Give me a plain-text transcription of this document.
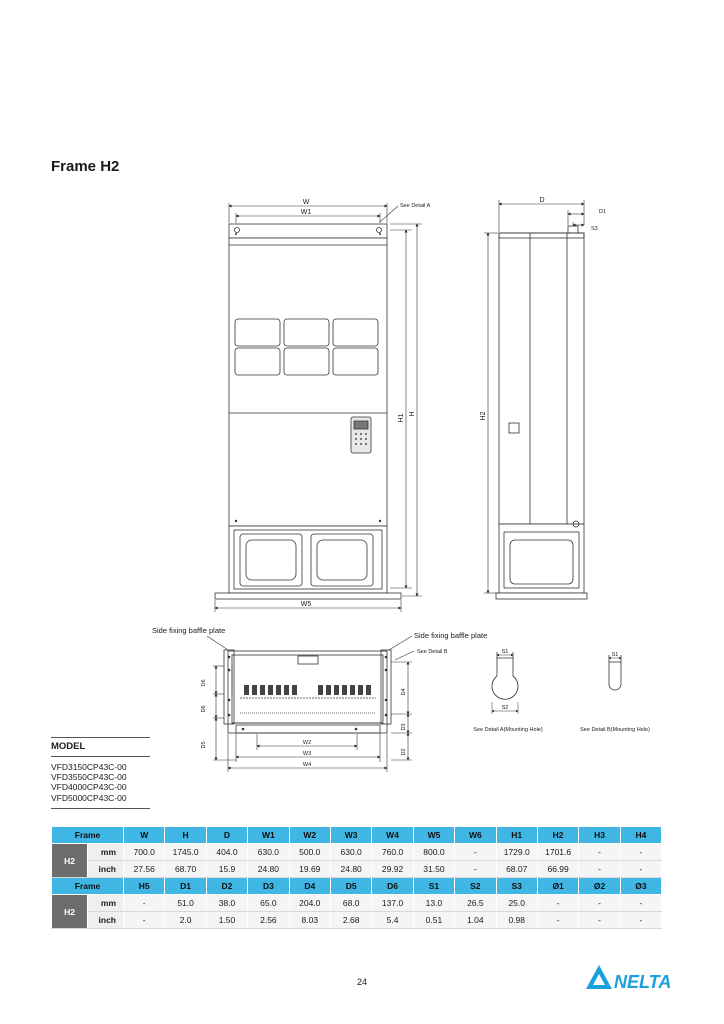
Frame H2
W
W1
W5
H1 H
See Detail A
D
D1
S3
H2
Side fixing baffle plate
Side fixing baffle plate
See Detail B
D6
D6
D5
D4
D3
D2
W2
W3
W4
S1
S2
See Detail A(Mounting Hole)
S1
See Detail B(Mounting Hole)
MODEL
VFD3150CP43C-00
VFD3550CP43C-00
VFD4000CP43C-00
VFD5000CP43C-00
Frame		W	H	D	W1	W2	W3	W4	W5	W6	H1	H2	H3	H4
H2	mm	700.0	1745.0	404.0	630.0	500.0	630.0	760.0	800.0	-	1729.0	1701.6	-	-
	inch	27.56	68.70	15.9	24.80	19.69	24.80	29.92	31.50	-	68.07	66.99	-	-
Frame		H5	D1	D2	D3	D4	D5	D6	S1	S2	S3	Ø1	Ø2	Ø3
H2	mm	-	51.0	38.0	65.0	204.0	68.0	137.0	13.0	26.5	25.0	-	-	-
	inch	-	2.0	1.50	2.56	8.03	2.68	5.4	0.51	1.04	0.98	-	-	-
24	NELTA
